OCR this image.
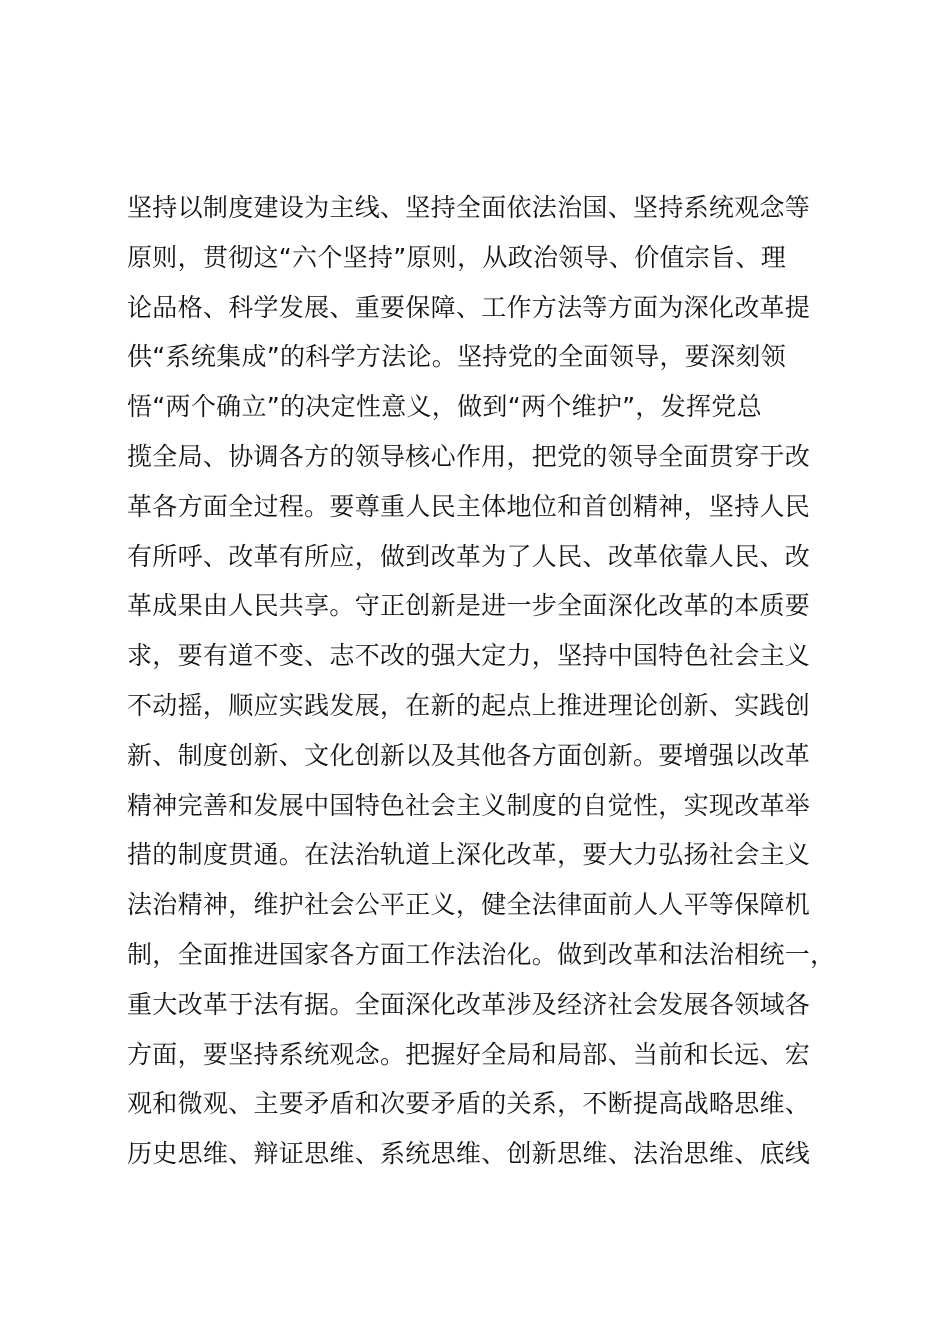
坚持以制度建设为主线、坚持全面依法治国、坚持系统观念等
原则，贯彻这“六个坚持”原则，从政治领导、价值宗旨、理
论品格、科学发展、重要保障、工作方法等方面为深化改革提
供“系统集成”的科学方法论。坚持党的全面领导，要深刻领
悟“两个确立”的决定性意义，做到“两个维护”，发挥党总
揽全局、协调各方的领导核心作用，把党的领导全面贯穿于改
革各方面全过程。要尊重人民主体地位和首创精神，坚持人民
有所呼、改革有所应，做到改革为了人民、改革依靠人民、改
革成果由人民共享。守正创新是进一步全面深化改革的本质要
求，要有道不变、志不改的强大定力，坚持中国特色社会主义
不动摇，顺应实践发展，在新的起点上推进理论创新、实践创
新、制度创新、文化创新以及其他各方面创新。要增强以改革
精神完善和发展中国特色社会主义制度的自觉性，实现改革举
措的制度贯通。在法治轨道上深化改革，要大力弘扬社会主义
法治精神，维护社会公平正义，健全法律面前人人平等保障机
制，全面推进国家各方面工作法治化。做到改革和法治相统一，
重大改革于法有据。全面深化改革涉及经济社会发展各领域各
方面，要坚持系统观念。把握好全局和局部、当前和长远、宏
观和微观、主要矛盾和次要矛盾的关系，不断提高战略思维、
历史思维、辩证思维、系统思维、创新思维、法治思维、底线
